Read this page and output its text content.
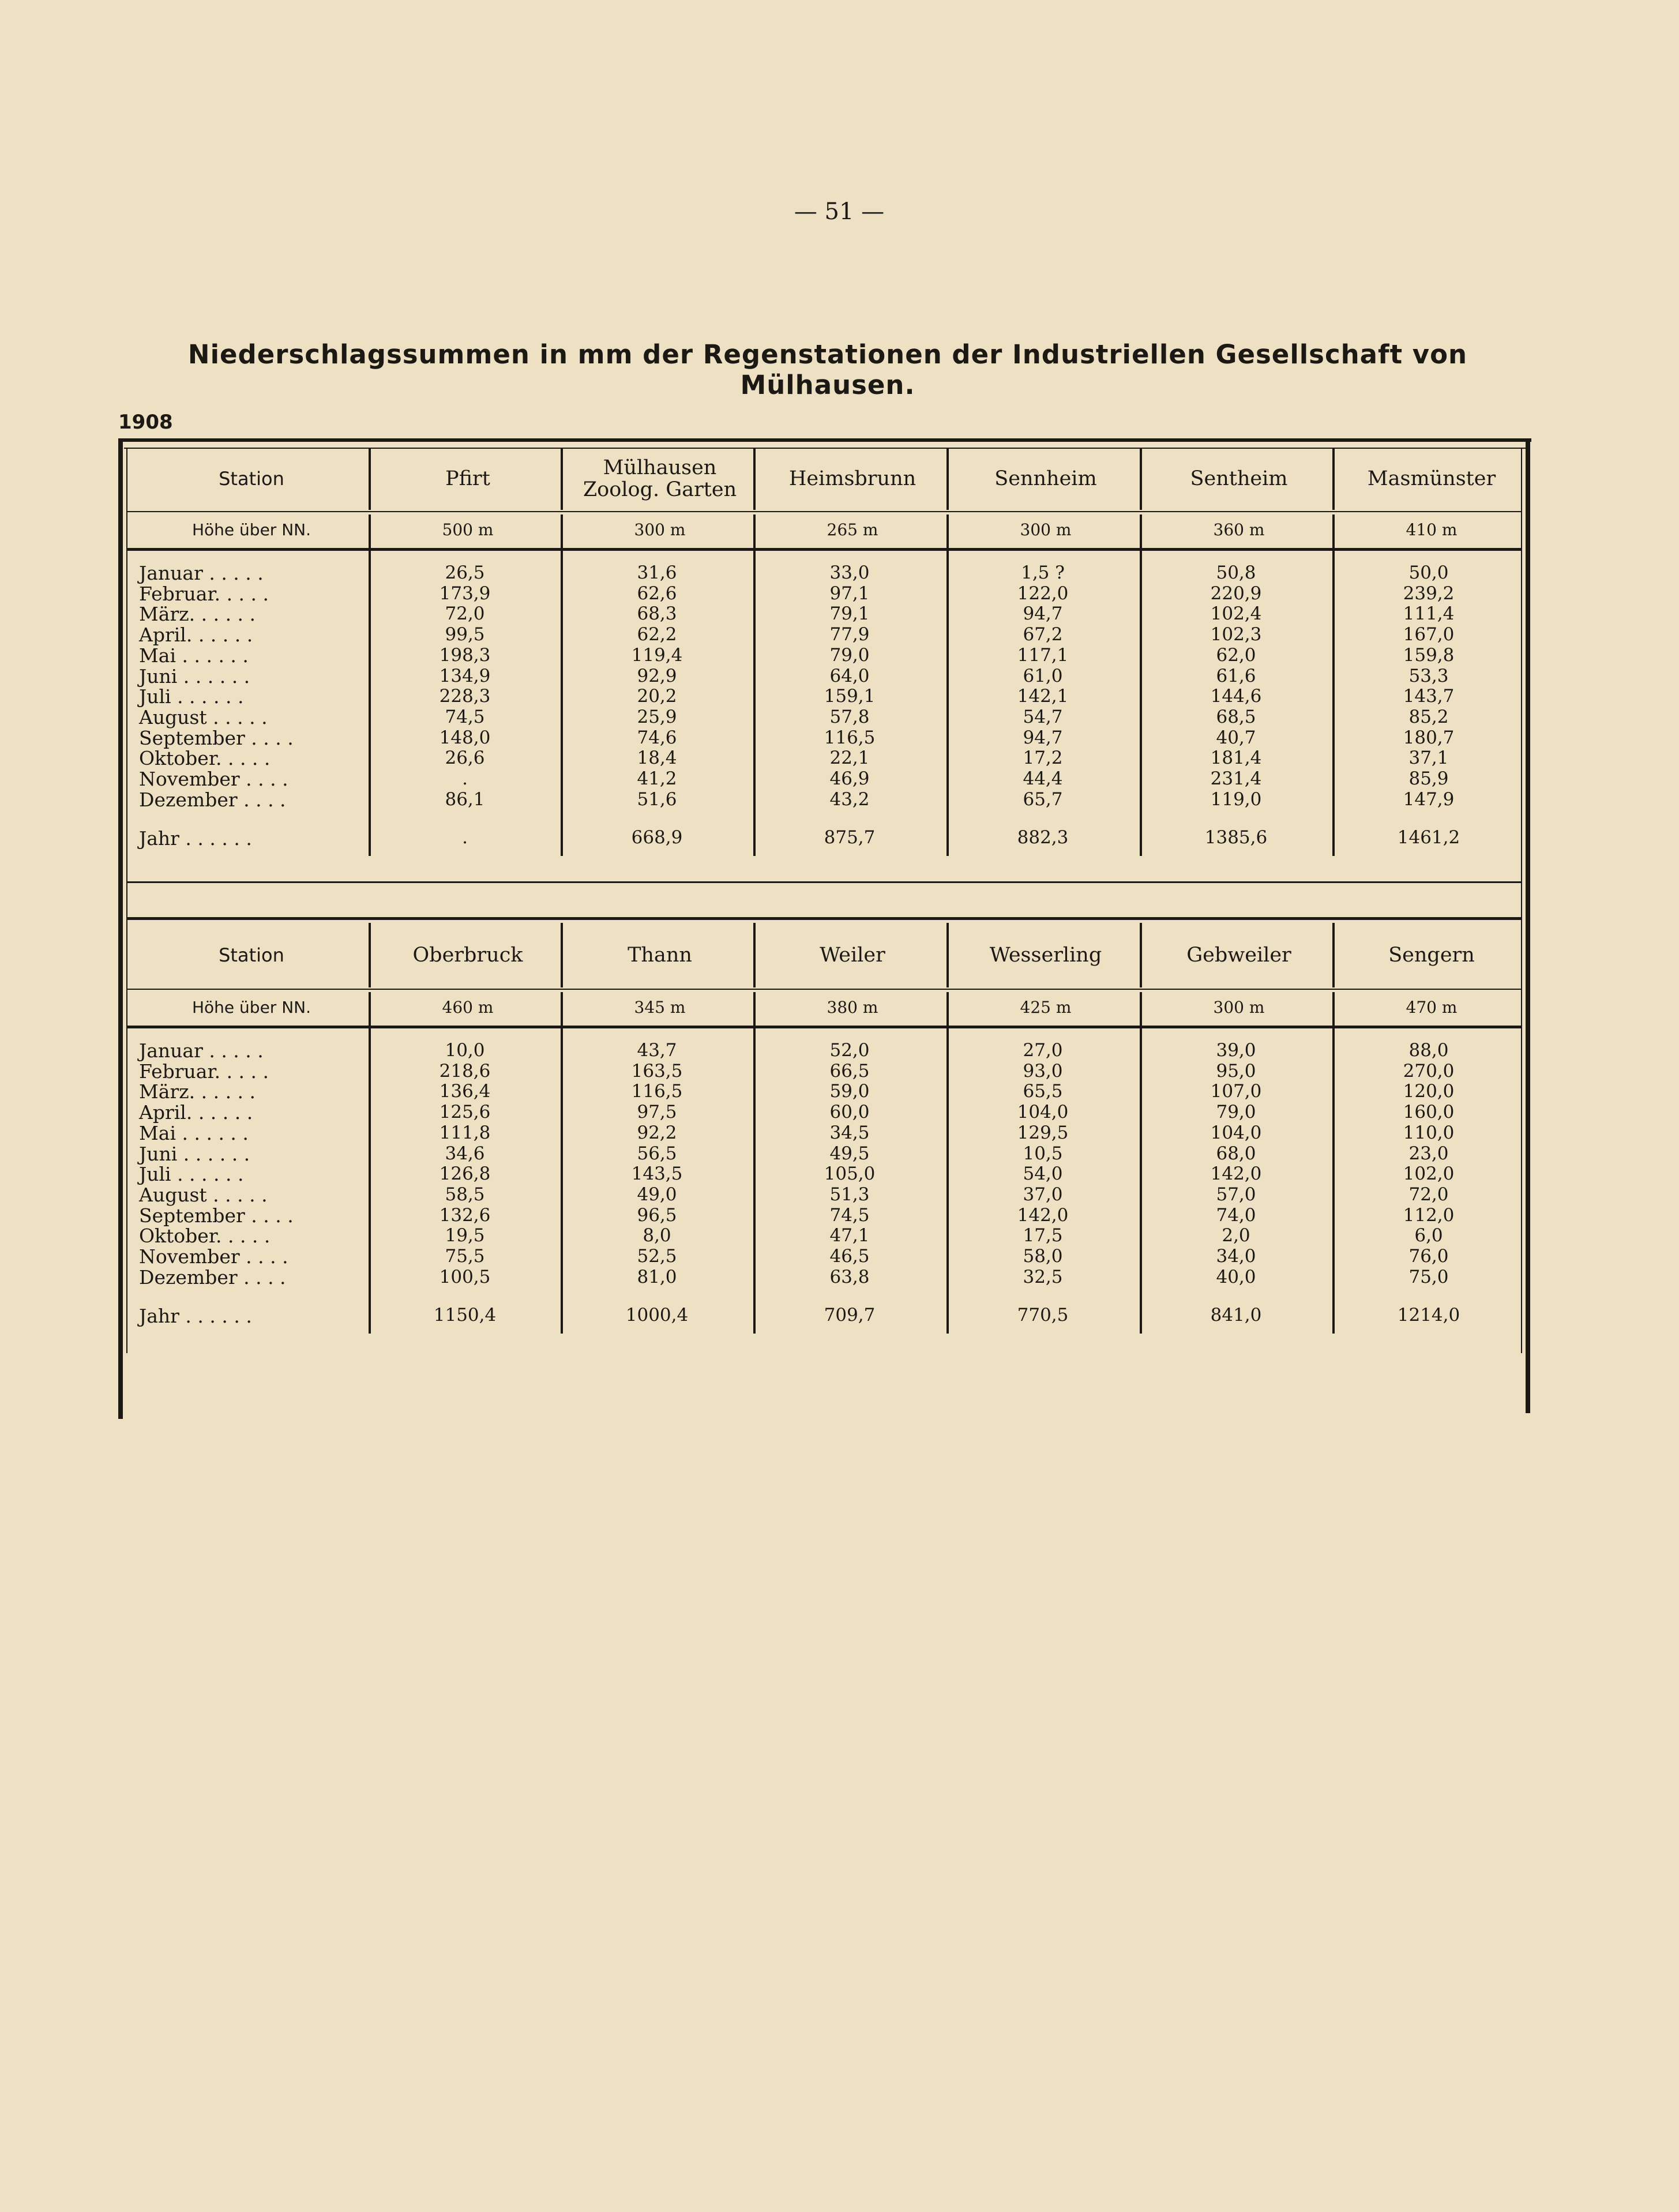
— 51 —
Niederschlagssummen in mm der Regenstationen der Industriellen Gesellschaft von Mülhausen.
1908
Station
Höhe über NN.
Januar . . . . .
Februar. . . . .
März. . . . . .
April. . . . . .
Mai . . . . . .
Juni . . . . . .
Juli . . . . . .
August . . . . .
September . . . .
Oktober. . . . .
November . . . .
Dezember . . . .
Jahr . . . . . .
Pfirt
500 m
26,5
173,9
72,0
99,5
198,3
134,9
228,3
74,5
148,0
26,6
.
86,1
.
Mülhausen
Zoolog. Garten
300 m
31,6
62,6
68,3
62,2
119,4
92,9
20,2
25,9
74,6
18,4
41,2
51,6
668,9
Heimsbrunn
265 m
33,0
97,1
79,1
77,9
79,0
64,0
159,1
57,8
116,5
22,1
46,9
43,2
875,7
Sennheim
300 m
1,5 ?
122,0
94,7
67,2
117,1
61,0
142,1
54,7
94,7
17,2
44,4
65,7
882,3
Sentheim
360 m
50,8
220,9
102,4
102,3
62,0
61,6
144,6
68,5
40,7
181,4
231,4
119,0
1385,6
Masmünster
410 m
50,0
239,2
111,4
167,0
159,8
53,3
143,7
85,2
180,7
37,1
85,9
147,9
1461,2
Station
Höhe über NN.
Januar . . . . .
Februar. . . . .
März. . . . . .
April. . . . . .
Mai . . . . . .
Juni . . . . . .
Juli . . . . . .
August . . . . .
September . . . .
Oktober. . . . .
November . . . .
Dezember . . . .
Jahr . . . . . .
Oberbruck
460 m
10,0
218,6
136,4
125,6
111,8
34,6
126,8
58,5
132,6
19,5
75,5
100,5
1150,4
Thann
345 m
43,7
163,5
116,5
97,5
92,2
56,5
143,5
49,0
96,5
8,0
52,5
81,0
1000,4
Weiler
380 m
52,0
66,5
59,0
60,0
34,5
49,5
105,0
51,3
74,5
47,1
46,5
63,8
709,7
Wesserling
425 m
27,0
93,0
65,5
104,0
129,5
10,5
54,0
37,0
142,0
17,5
58,0
32,5
770,5
Gebweiler
300 m
39,0
95,0
107,0
79,0
104,0
68,0
142,0
57,0
74,0
2,0
34,0
40,0
841,0
Sengern
470 m
88,0
270,0
120,0
160,0
110,0
23,0
102,0
72,0
112,0
6,0
76,0
75,0
1214,0
